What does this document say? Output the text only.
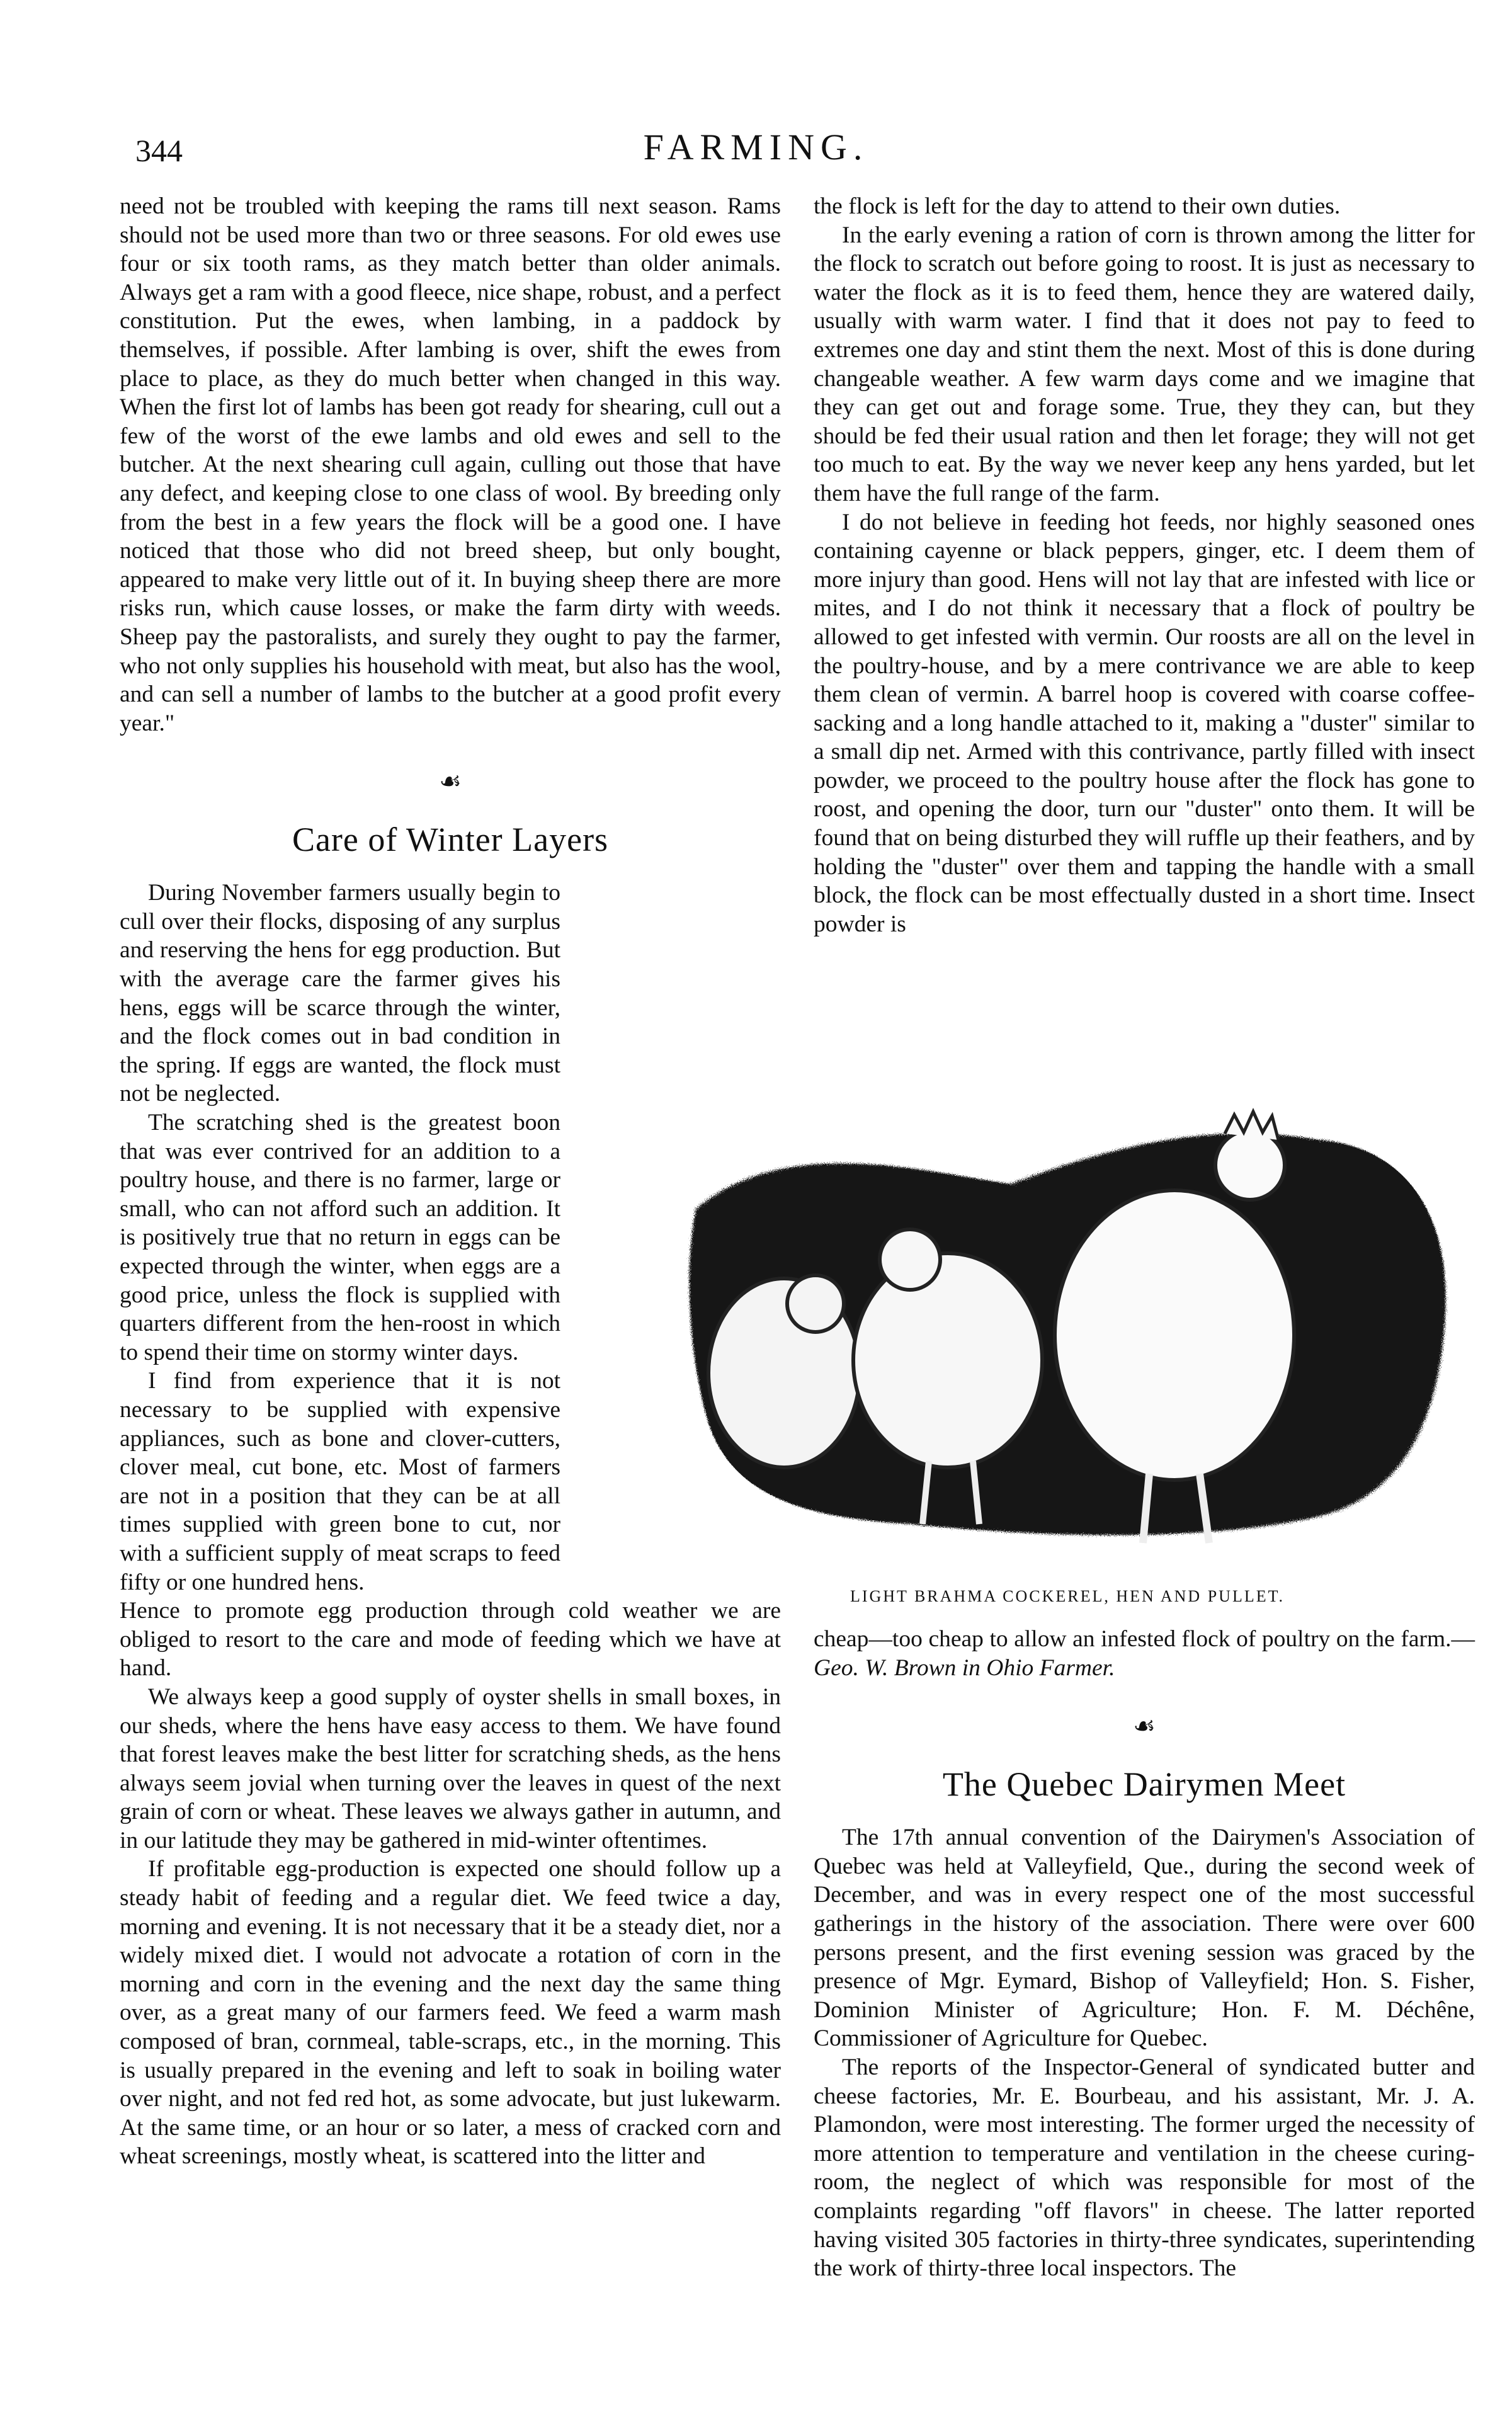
344	FARMING.

need not be troubled with keeping the rams till next season. Rams should not be used more than two or three seasons. For old ewes use four or six tooth rams, as they match better than older animals. Always get a ram with a good fleece, nice shape, robust, and a perfect constitution. Put the ewes, when lambing, in a paddock by themselves, if possible. After lambing is over, shift the ewes from place to place, as they do much better when changed in this way. When the first lot of lambs has been got ready for shearing, cull out a few of the worst of the ewe lambs and old ewes and sell to the butcher. At the next shearing cull again, culling out those that have any defect, and keeping close to one class of wool. By breeding only from the best in a few years the flock will be a good one. I have noticed that those who did not breed sheep, but only bought, appeared to make very little out of it. In buying sheep there are more risks run, which cause losses, or make the farm dirty with weeds. Sheep pay the pastoralists, and surely they ought to pay the farmer, who not only supplies his household with meat, but also has the wool, and can sell a number of lambs to the butcher at a good profit every year."

☙
Care of Winter Layers

During November farmers usually begin to cull over their flocks, disposing of any surplus and reserving the hens for egg production. But with the average care the farmer gives his hens, eggs will be scarce through the winter, and the flock comes out in bad condition in the spring. If eggs are wanted, the flock must not be neglected.

The scratching shed is the greatest boon that was ever contrived for an addition to a poultry house, and there is no farmer, large or small, who can not afford such an addition. It is positively true that no return in eggs can be expected through the winter, when eggs are a good price, unless the flock is supplied with quarters different from the hen-roost in which to spend their time on stormy winter days.

I find from experience that it is not necessary to be supplied with expensive appliances, such as bone and clover-cutters, clover meal, cut bone, etc. Most of farmers are not in a position that they can be at all times supplied with green bone to cut, nor with a sufficient supply of meat scraps to feed fifty or one hundred hens.

Hence to promote egg production through cold weather we are obliged to resort to the care and mode of feeding which we have at hand.

We always keep a good supply of oyster shells in small boxes, in our sheds, where the hens have easy access to them. We have found that forest leaves make the best litter for scratching sheds, as the hens always seem jovial when turning over the leaves in quest of the next grain of corn or wheat. These leaves we always gather in autumn, and in our latitude they may be gathered in mid-winter oftentimes.

If profitable egg-production is expected one should follow up a steady habit of feeding and a regular diet. We feed twice a day, morning and evening. It is not necessary that it be a steady diet, nor a widely mixed diet. I would not advocate a rotation of corn in the morning and corn in the evening and the next day the same thing over, as a great many of our farmers feed. We feed a warm mash composed of bran, cornmeal, table-scraps, etc., in the morning. This is usually prepared in the evening and left to soak in boiling water over night, and not fed red hot, as some advocate, but just lukewarm. At the same time, or an hour or so later, a mess of cracked corn and wheat screenings, mostly wheat, is scattered into the litter and

the flock is left for the day to attend to their own duties.

In the early evening a ration of corn is thrown among the litter for the flock to scratch out before going to roost. It is just as necessary to water the flock as it is to feed them, hence they are watered daily, usually with warm water. I find that it does not pay to feed to extremes one day and stint them the next. Most of this is done during changeable weather. A few warm days come and we imagine that they can get out and forage some. True, they they can, but they should be fed their usual ration and then let forage; they will not get too much to eat. By the way we never keep any hens yarded, but let them have the full range of the farm.

I do not believe in feeding hot feeds, nor highly seasoned ones containing cayenne or black peppers, ginger, etc. I deem them of more injury than good. Hens will not lay that are infested with lice or mites, and I do not think it necessary that a flock of poultry be allowed to get infested with vermin. Our roosts are all on the level in the poultry-house, and by a mere contrivance we are able to keep them clean of vermin. A barrel hoop is covered with coarse coffee-sacking and a long handle attached to it, making a "duster" similar to a small dip net. Armed with this contrivance, partly filled with insect powder, we proceed to the poultry house after the flock has gone to roost, and opening the door, turn our "duster" onto them. It will be found that on being disturbed they will ruffle up their feathers, and by holding the "duster" over them and tapping the handle with a small block, the flock can be most effectually dusted in a short time. Insect powder is

LIGHT BRAHMA COCKEREL, HEN AND PULLET.

cheap—too cheap to allow an infested flock of poultry on the farm.—Geo. W. Brown in Ohio Farmer.

☙
The Quebec Dairymen Meet

The 17th annual convention of the Dairymen's Association of Quebec was held at Valleyfield, Que., during the second week of December, and was in every respect one of the most successful gatherings in the history of the association. There were over 600 persons present, and the first evening session was graced by the presence of Mgr. Eymard, Bishop of Valleyfield; Hon. S. Fisher, Dominion Minister of Agriculture; Hon. F. M. Déchêne, Commissioner of Agriculture for Quebec.

The reports of the Inspector-General of syndicated butter and cheese factories, Mr. E. Bourbeau, and his assistant, Mr. J. A. Plamondon, were most interesting. The former urged the necessity of more attention to temperature and ventilation in the cheese curing-room, the neglect of which was responsible for most of the complaints regarding "off flavors" in cheese. The latter reported having visited 305 factories in thirty-three syndicates, superintending the work of thirty-three local inspectors. The
